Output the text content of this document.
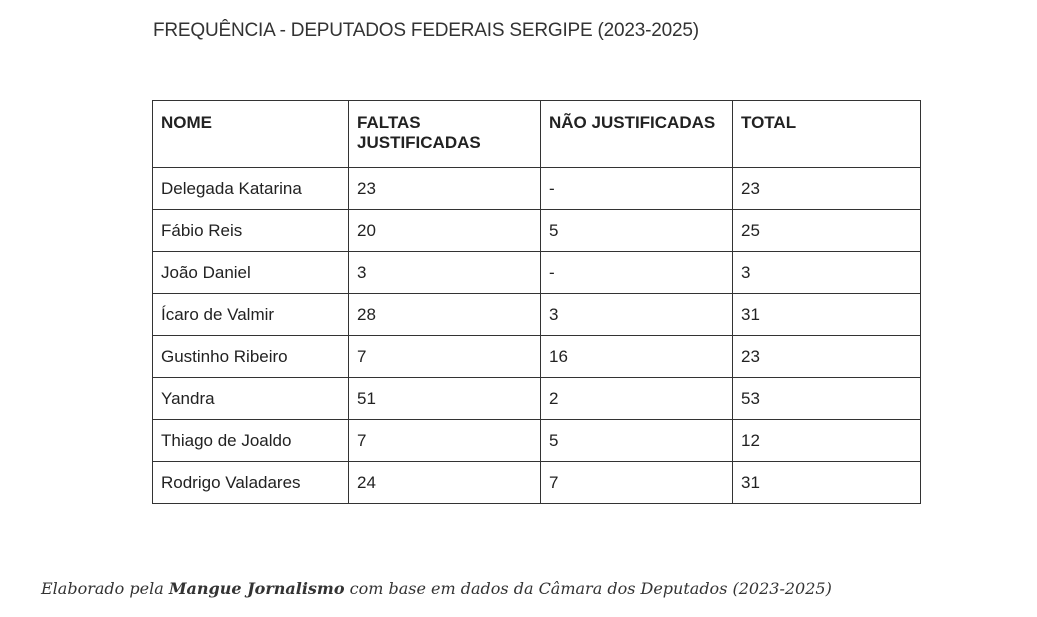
FREQUÊNCIA - DEPUTADOS FEDERAIS SERGIPE (2023-2025)
NOME	FALTAS JUSTIFICADAS	NÃO JUSTIFICADAS	TOTAL
Delegada Katarina	23	-	23
Fábio Reis	20	5	25
João Daniel	3	-	3
Ícaro de Valmir	28	3	31
Gustinho Ribeiro	7	16	23
Yandra	51	2	53
Thiago de Joaldo	7	5	12
Rodrigo Valadares	24	7	31
Elaborado pela Mangue Jornalismo com base em dados da Câmara dos Deputados (2023-2025)
